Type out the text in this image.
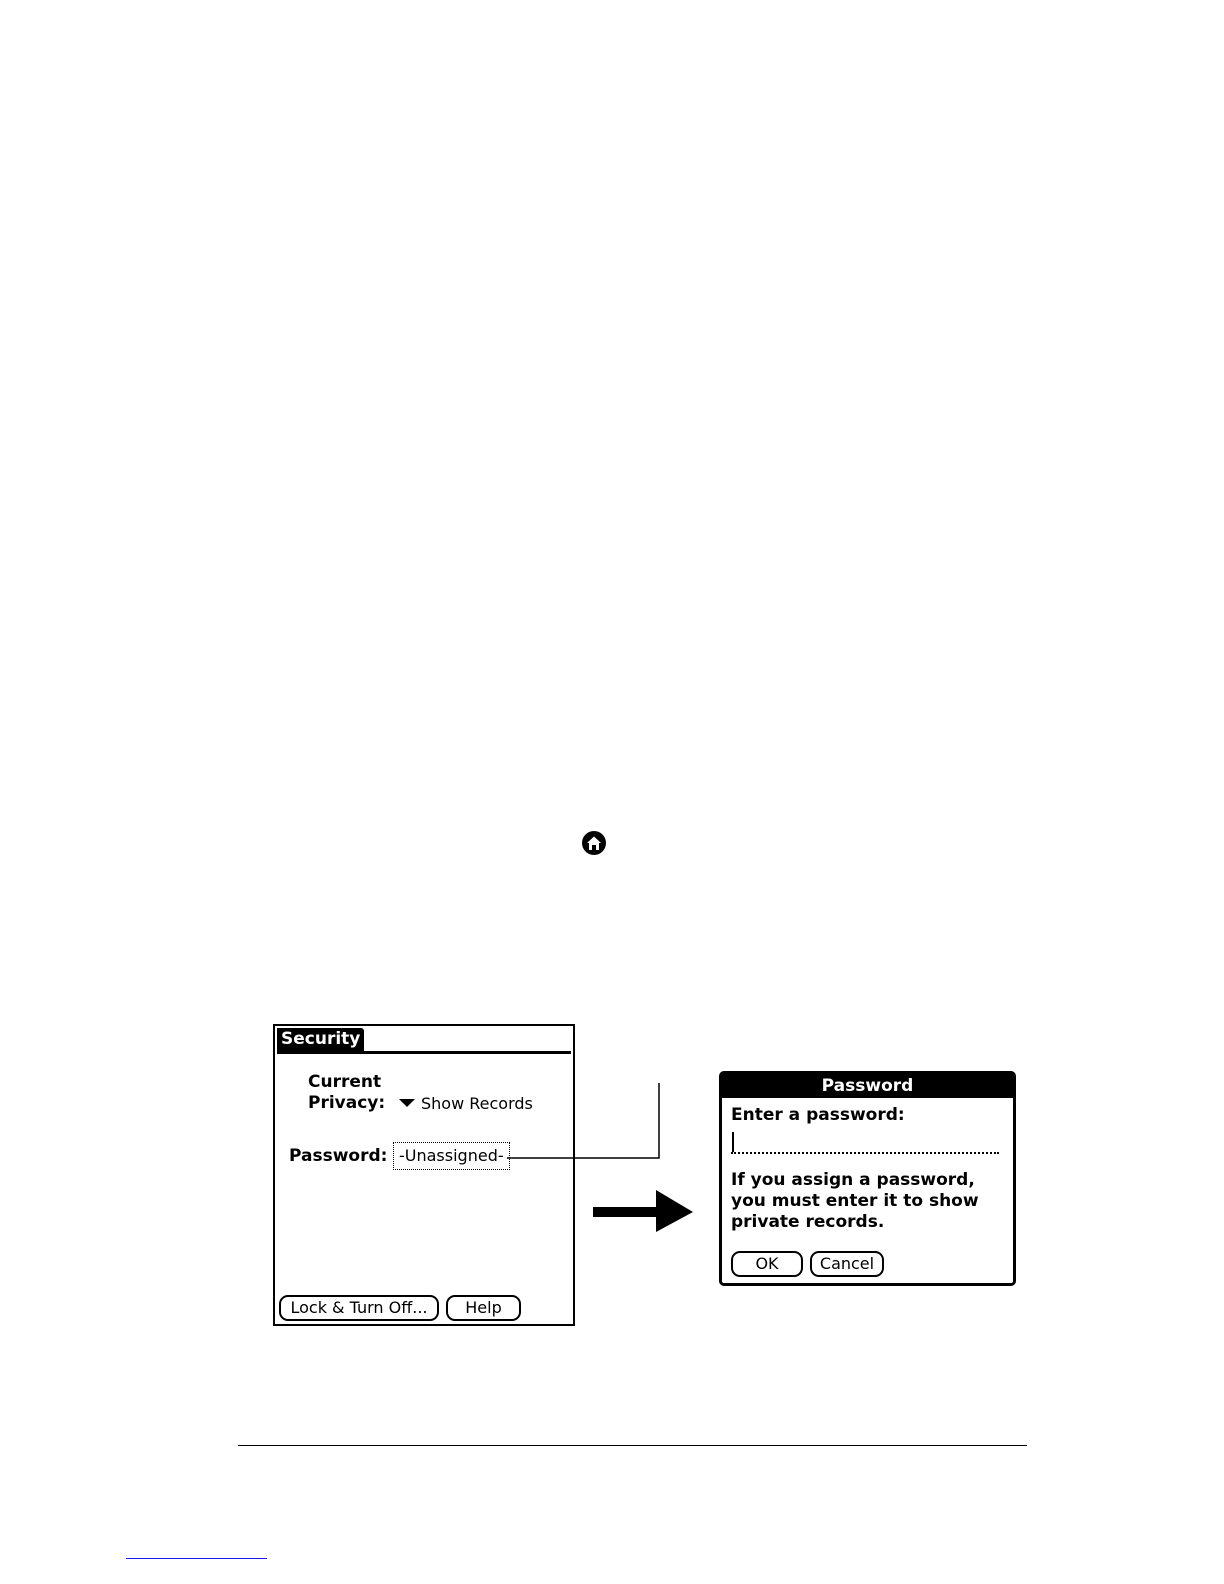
Security
Current
Privacy: Show Records
Password: -Unassigned-
Lock & Turn Off...	Help
Password
Enter a password:
If you assign a password, you must enter it to show private records.
OK	Cancel
